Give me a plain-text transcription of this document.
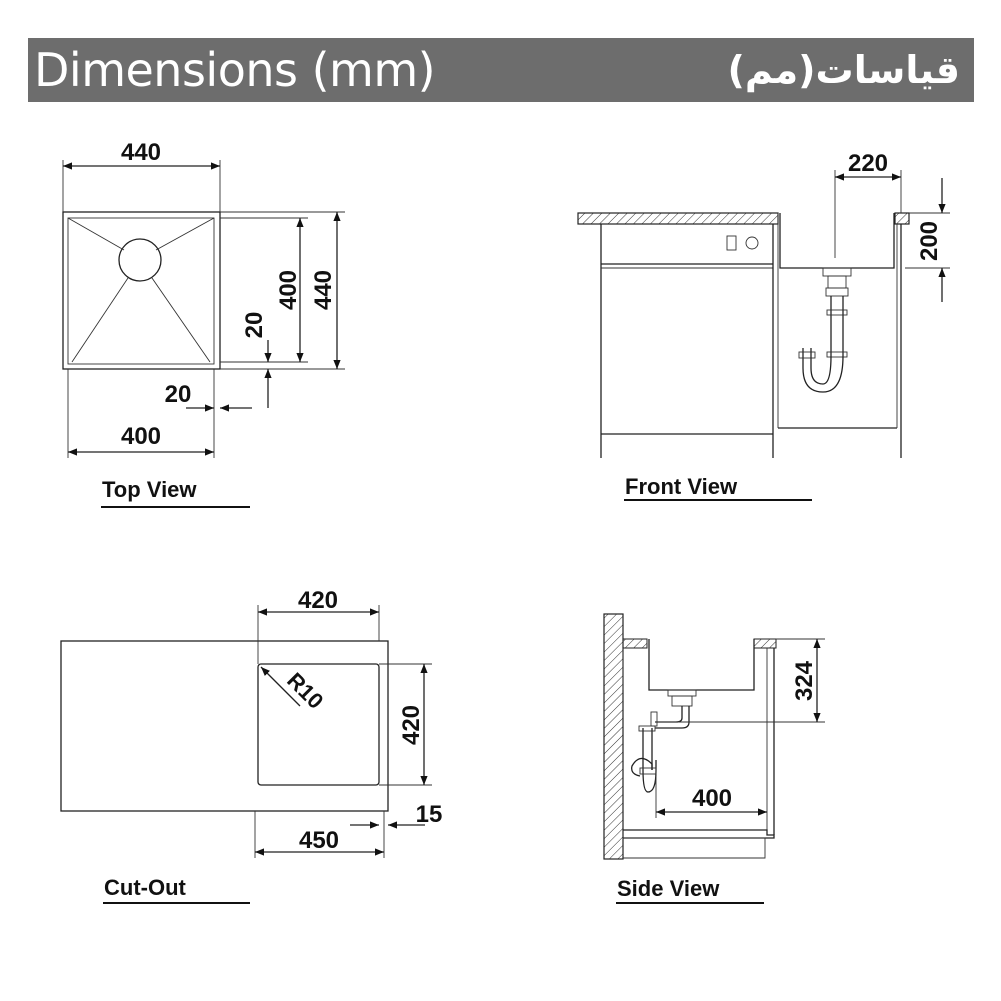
Dimensions (mm)	قياسات(مم)
440
400 440
20
20
400
Top View
220
200
Front View
R10
420
420
450
15
Cut-Out
324
400
Side View
